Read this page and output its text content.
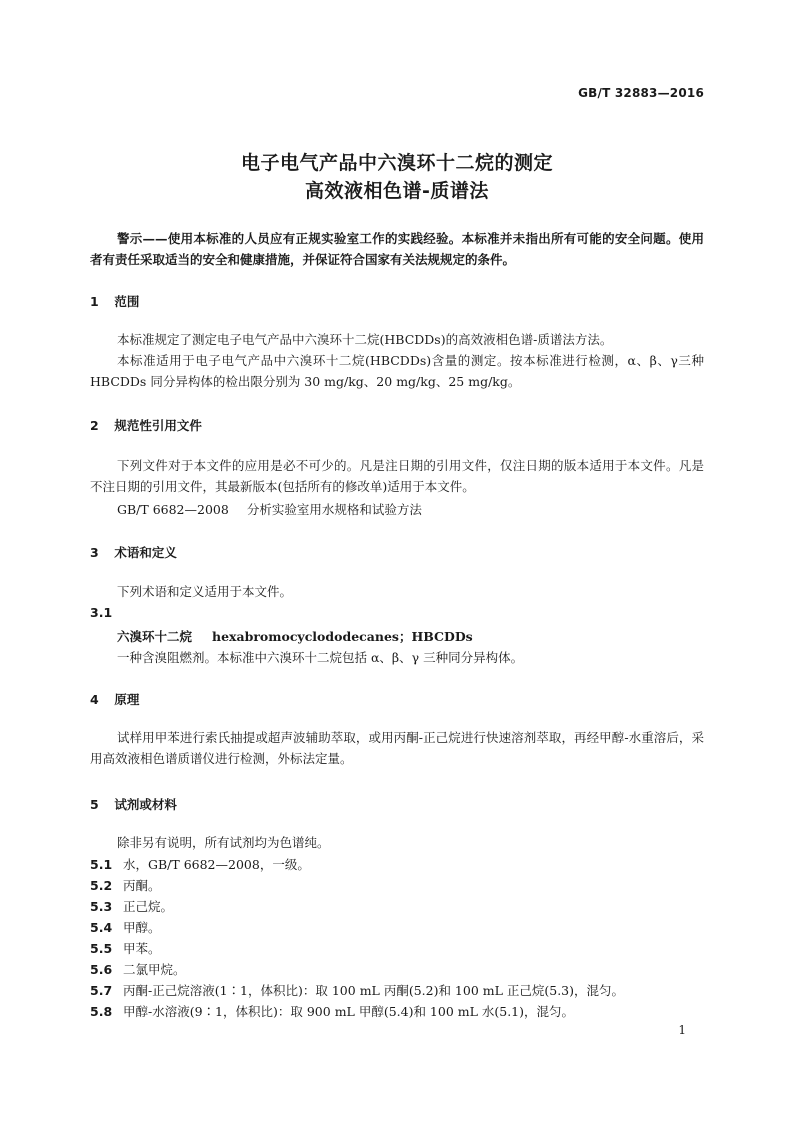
GB/T 32883—2016
电子电气产品中六溴环十二烷的测定
高效液相色谱-质谱法
警示——使用本标准的人员应有正规实验室工作的实践经验。本标准并未指出所有可能的安全问题。使用者有责任采取适当的安全和健康措施，并保证符合国家有关法规规定的条件。
1 范围
本标准规定了测定电子电气产品中六溴环十二烷(HBCDDs)的高效液相色谱-质谱法方法。
本标准适用于电子电气产品中六溴环十二烷(HBCDDs)含量的测定。按本标准进行检测，α、β、γ三种 HBCDDs 同分异构体的检出限分别为 30 mg/kg、20 mg/kg、25 mg/kg。
2 规范性引用文件
下列文件对于本文件的应用是必不可少的。凡是注日期的引用文件，仅注日期的版本适用于本文件。凡是不注日期的引用文件，其最新版本(包括所有的修改单)适用于本文件。
GB/T 6682—2008 分析实验室用水规格和试验方法
3 术语和定义
下列术语和定义适用于本文件。
3.1
六溴环十二烷 hexabromocyclododecanes；HBCDDs
一种含溴阻燃剂。本标准中六溴环十二烷包括 α、β、γ 三种同分异构体。
4 原理
试样用甲苯进行索氏抽提或超声波辅助萃取，或用丙酮-正己烷进行快速溶剂萃取，再经甲醇-水重溶后，采用高效液相色谱质谱仪进行检测，外标法定量。
5 试剂或材料
除非另有说明，所有试剂均为色谱纯。
5.1 水，GB/T 6682—2008，一级。
5.2 丙酮。
5.3 正己烷。
5.4 甲醇。
5.5 甲苯。
5.6 二氯甲烷。
5.7 丙酮-正己烷溶液(1∶1，体积比)：取 100 mL 丙酮(5.2)和 100 mL 正己烷(5.3)，混匀。
5.8 甲醇-水溶液(9∶1，体积比)：取 900 mL 甲醇(5.4)和 100 mL 水(5.1)，混匀。
1
